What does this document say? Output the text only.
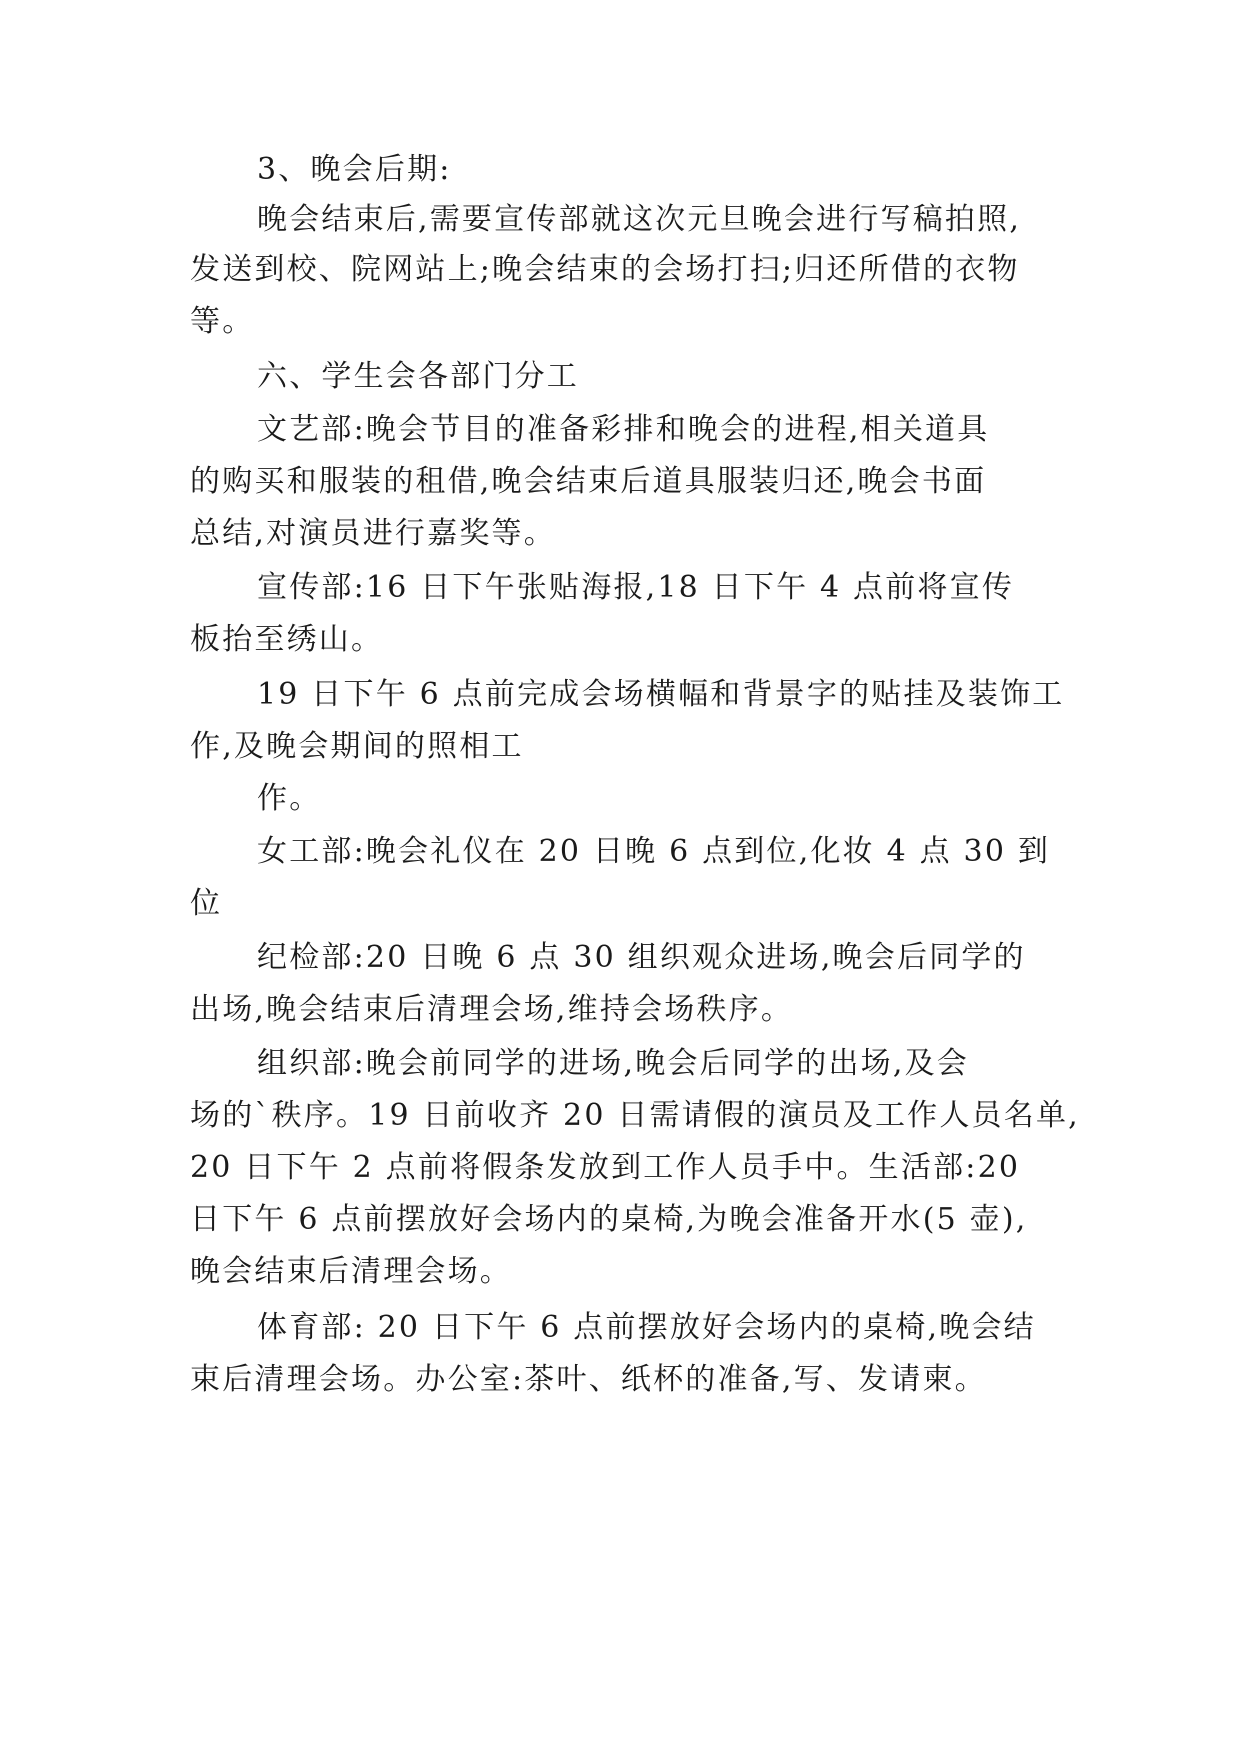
3、晚会后期:
晚会结束后,需要宣传部就这次元旦晚会进行写稿拍照,
发送到校、院网站上;晚会结束的会场打扫;归还所借的衣物
等。
六、学生会各部门分工
文艺部:晚会节目的准备彩排和晚会的进程,相关道具
的购买和服装的租借,晚会结束后道具服装归还,晚会书面
总结,对演员进行嘉奖等。
宣传部:16 日下午张贴海报,18 日下午 4 点前将宣传
板抬至绣山。
19 日下午 6 点前完成会场横幅和背景字的贴挂及装饰工
作,及晚会期间的照相工
作。
女工部:晚会礼仪在 20 日晚 6 点到位,化妆 4 点 30 到
位
纪检部:20 日晚 6 点 30 组织观众进场,晚会后同学的
出场,晚会结束后清理会场,维持会场秩序。
组织部:晚会前同学的进场,晚会后同学的出场,及会
场的`秩序。19 日前收齐 20 日需请假的演员及工作人员名单,
20 日下午 2 点前将假条发放到工作人员手中。生活部:20
日下午 6 点前摆放好会场内的桌椅,为晚会准备开水(5 壶),
晚会结束后清理会场。
体育部: 20 日下午 6 点前摆放好会场内的桌椅,晚会结
束后清理会场。办公室:茶叶、纸杯的准备,写、发请柬。
